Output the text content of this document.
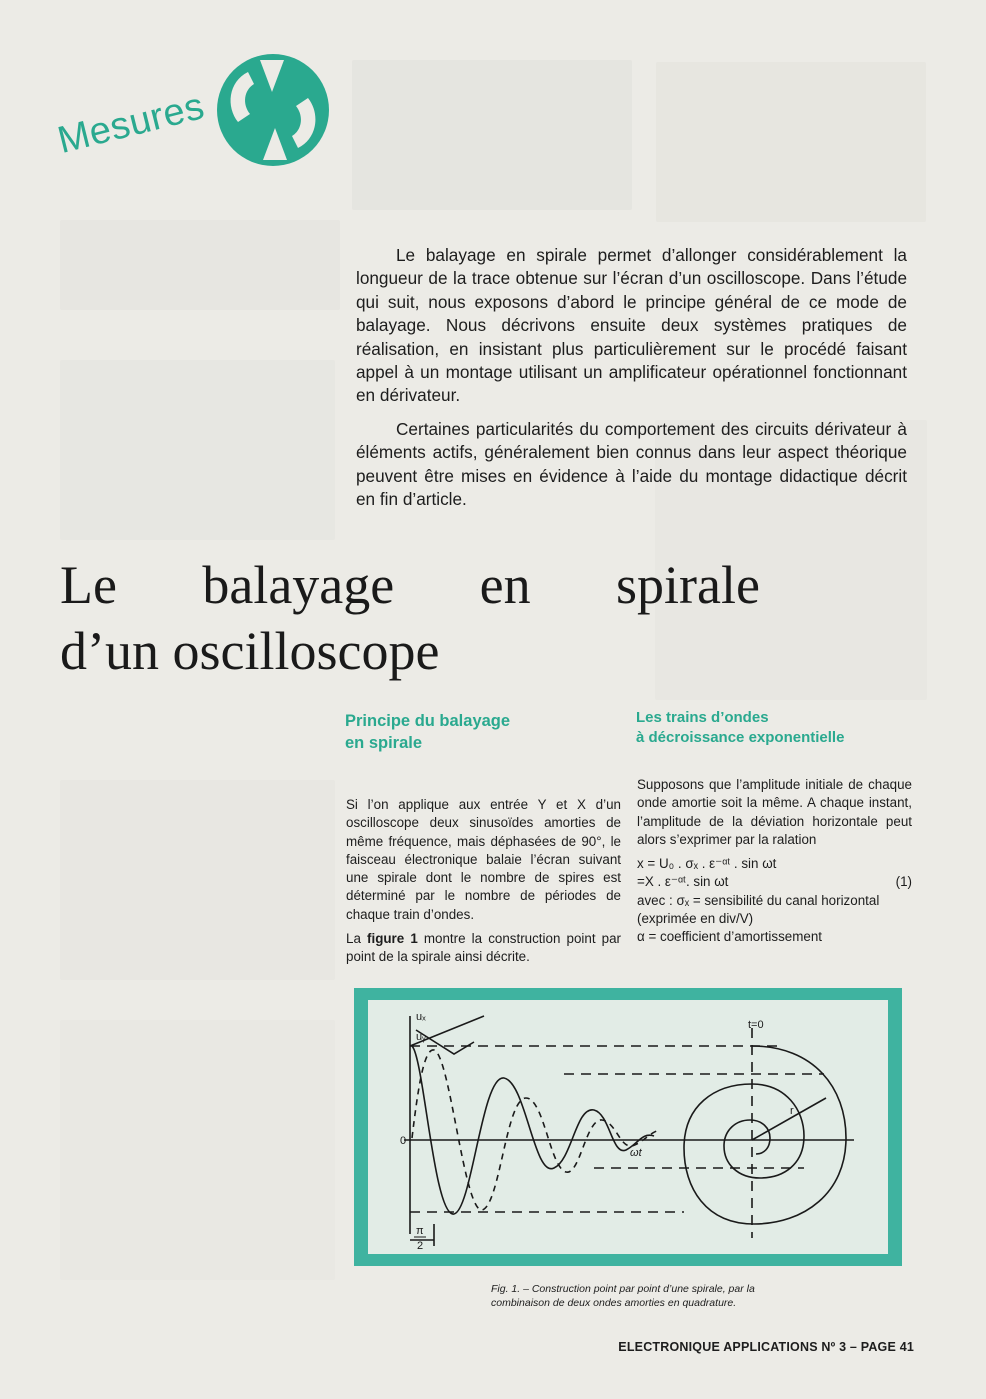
Mesures

Le balayage en spirale permet d’allonger considérablement la longueur de la trace obtenue sur l’écran d’un oscilloscope. Dans l’étude qui suit, nous exposons d’abord le principe général de ce mode de balayage. Nous décrivons ensuite deux systèmes pratiques de réalisation, en insistant plus particulièrement sur le procédé faisant appel à un montage utilisant un amplificateur opérationnel fonctionnant en dérivateur.

Certaines particularités du comportement des circuits dérivateur à éléments actifs, généralement bien connus dans leur aspect théorique peuvent être mises en évidence à l’aide du montage didactique décrit en fin d’article.

Le balayage en spirale
d’un oscilloscope
Principe du balayage
en spirale

Si l’on applique aux entrée Y et X d’un oscilloscope deux sinusoïdes amorties de même fréquence, mais déphasées de 90°, le faisceau électronique balaie l’écran suivant une spirale dont le nombre de spires est déterminé par le nombre de périodes de chaque train d’ondes.

La figure 1 montre la construction point par point de la spirale ainsi décrite.

Les trains d’ondes
à décroissance exponentielle

Supposons que l’amplitude initiale de chaque onde amortie soit la même. A chaque instant, l’amplitude de la déviation horizontale peut alors s’exprimer par la ralation

x = U₀ . σₓ . ε⁻ᵅᵗ . sin ωt
=X . ε⁻ᵅᵗ. sin ωt	(1)
avec : σₓ = sensibilité du canal horizontal
(exprimée en div/V)
α = coefficient d’amortissement
uₓ
uᵧ
0
ωt
t=0
r
π
2

Fig. 1. – Construction point par point d’une spirale, par la combinaison de deux ondes amorties en quadrature.

ELECTRONIQUE APPLICATIONS Nº 3 – PAGE 41
